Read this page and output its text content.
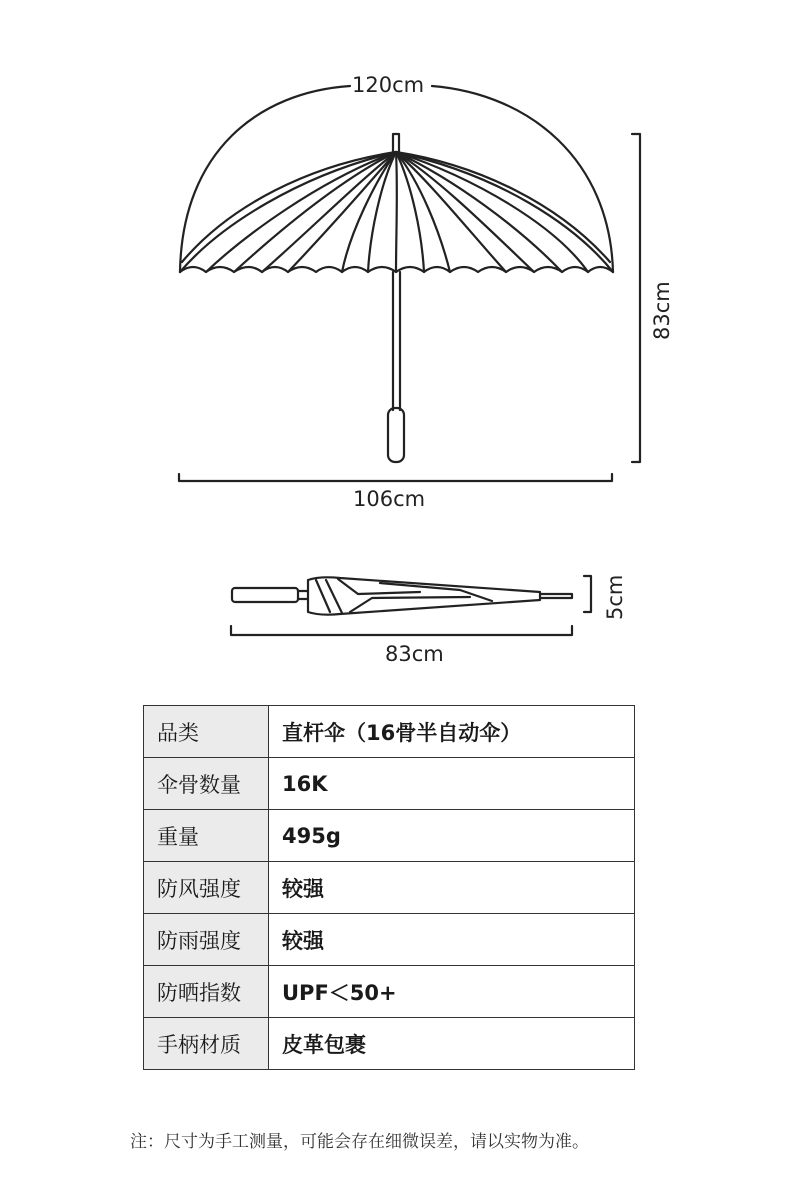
120cm
83cm
106cm
5cm
83cm
品类	直杆伞（16骨半自动伞）
伞骨数量	16K
重量	495g
防风强度	较强
防雨强度	较强
防晒指数	UPF＜50+
手柄材质	皮革包裹
注：尺寸为手工测量，可能会存在细微误差，请以实物为准。
